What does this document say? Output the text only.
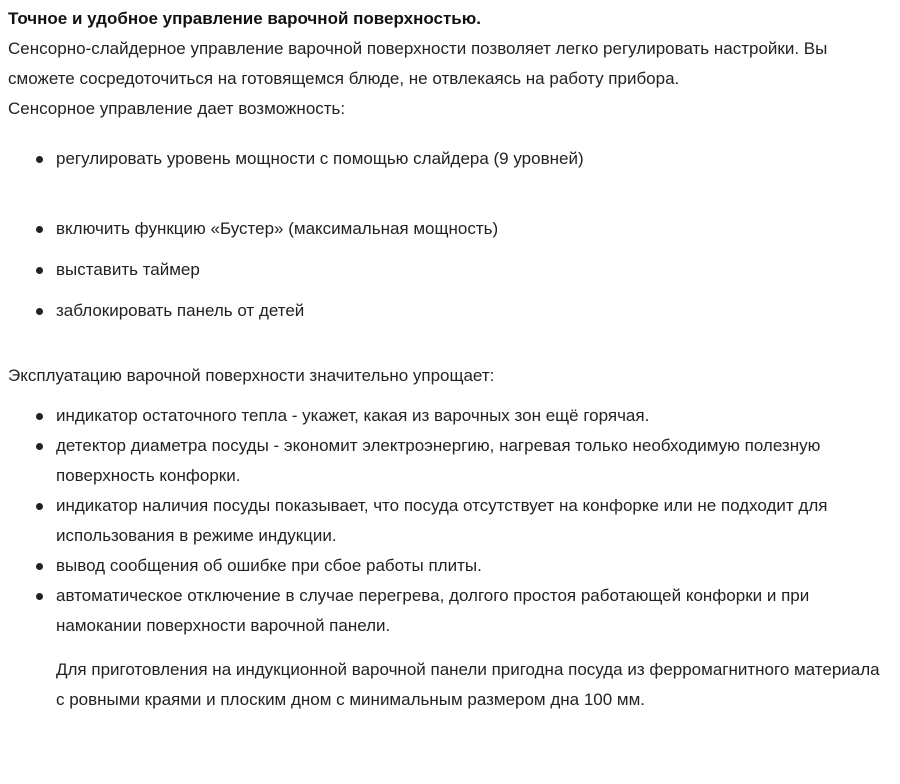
Точное и удобное управление варочной поверхностью.

Сенсорно-слайдерное управление варочной поверхности позволяет легко регулировать настройки. Вы сможете сосредоточиться на готовящемся блюде, не отвлекаясь на работу прибора.

Сенсорное управление дает возможность:

регулировать уровень мощности с помощью слайдера (9 уровней)
включить функцию «Бустер» (максимальная мощность)
выставить таймер
заблокировать панель от детей

Эксплуатацию варочной поверхности значительно упрощает:

индикатор остаточного тепла - укажет, какая из варочных зон ещё горячая.
детектор диаметра посуды - экономит электроэнергию, нагревая только необходимую полезную поверхность конфорки.
индикатор наличия посуды показывает, что посуда отсутствует на конфорке или не подходит для использования в режиме индукции.
вывод сообщения об ошибке при сбое работы плиты.
автоматическое отключение в случае перегрева, долгого простоя работающей конфорки и при намокании поверхности варочной панели.

Для приготовления на индукционной варочной панели пригодна посуда из ферромагнитного материала с ровными краями и плоским дном с минимальным размером дна 100 мм.
